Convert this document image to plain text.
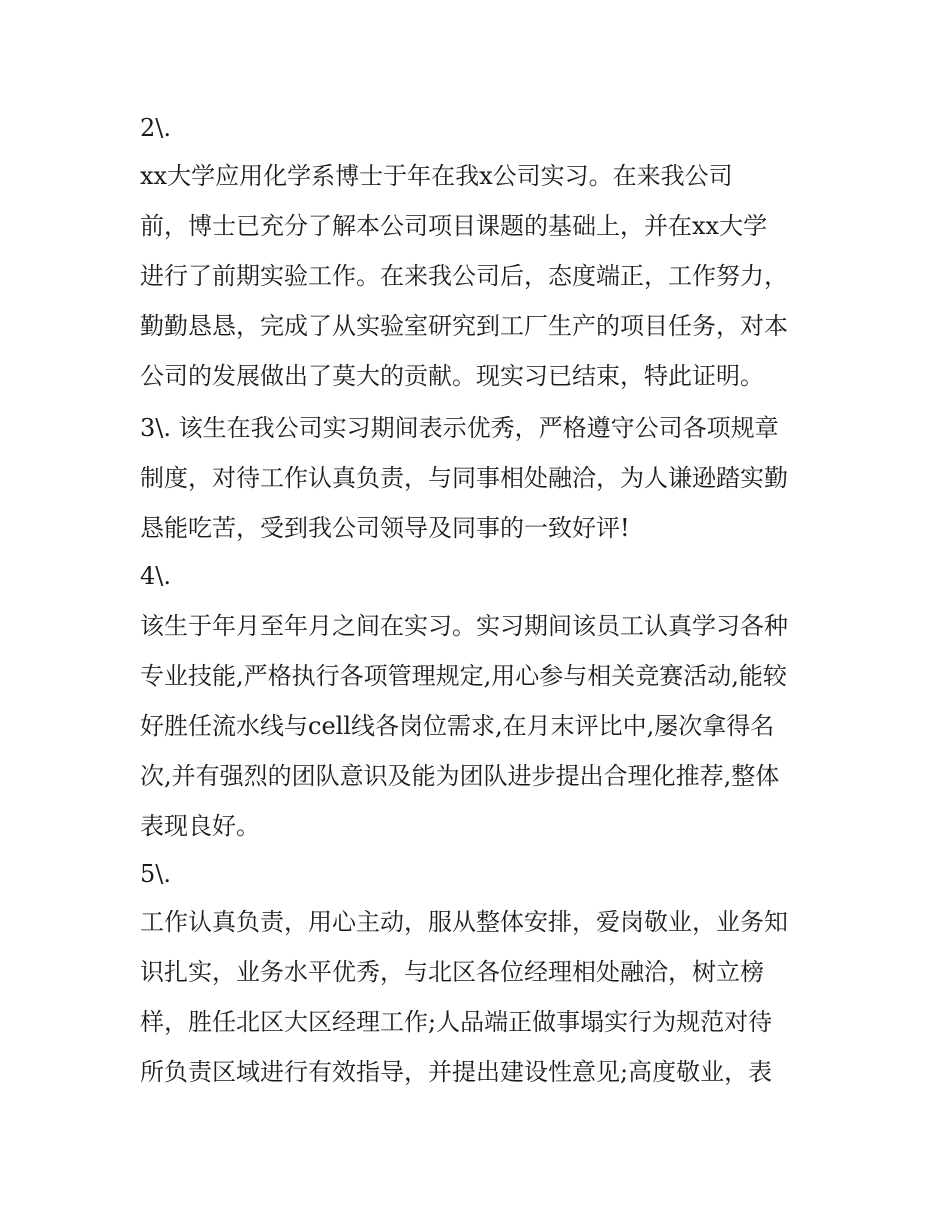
2\.
xx大学应用化学系博士于年在我x公司实习。在来我公司
前，博士已充分了解本公司项目课题的基础上，并在xx大学
进行了前期实验工作。在来我公司后，态度端正，工作努力，
勤勤恳恳，完成了从实验室研究到工厂生产的项目任务，对本
公司的发展做出了莫大的贡献。现实习已结束，特此证明。
3\. 该生在我公司实习期间表示优秀，严格遵守公司各项规章
制度，对待工作认真负责，与同事相处融洽，为人谦逊踏实勤
恳能吃苦，受到我公司领导及同事的一致好评!
4\.
该生于年月至年月之间在实习。实习期间该员工认真学习各种
专业技能,严格执行各项管理规定,用心参与相关竞赛活动,能较
好胜任流水线与cell线各岗位需求,在月末评比中,屡次拿得名
次,并有强烈的团队意识及能为团队进步提出合理化推荐,整体
表现良好。
5\.
工作认真负责，用心主动，服从整体安排，爱岗敬业，业务知
识扎实，业务水平优秀，与北区各位经理相处融洽，树立榜
样，胜任北区大区经理工作;人品端正做事塌实行为规范对待
所负责区域进行有效指导，并提出建设性意见;高度敬业，表
